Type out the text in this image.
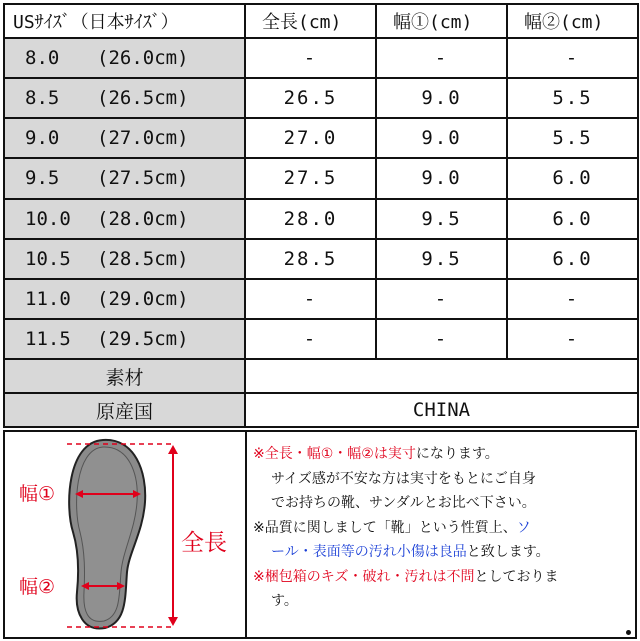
USｻｲｽﾞ（日本ｻｲｽﾞ）	全長(cm)	幅①(cm)	幅②(cm)
8.0 (26.0cm)	-	-	-
8.5 (26.5cm)	26.5	9.0	5.5
9.0 (27.0cm)	27.0	9.0	5.5
9.5 (27.5cm)	27.5	9.0	6.0
10.0 (28.0cm)	28.0	9.5	6.0
10.5 (28.5cm)	28.5	9.5	6.0
11.0 (29.0cm)	-	-	-
11.5 (29.5cm)	-	-	-
素材			
原産国	CHINA		
幅①
幅②
全長
※全長・幅①・幅②は実寸になります。
サイズ感が不安な方は実寸をもとにご自身
でお持ちの靴、サンダルとお比べ下さい。
※品質に関しまして「靴」という性質上、ソ
ール・表面等の汚れ小傷は良品と致します。
※梱包箱のキズ・破れ・汚れは不問としておりま
す。
